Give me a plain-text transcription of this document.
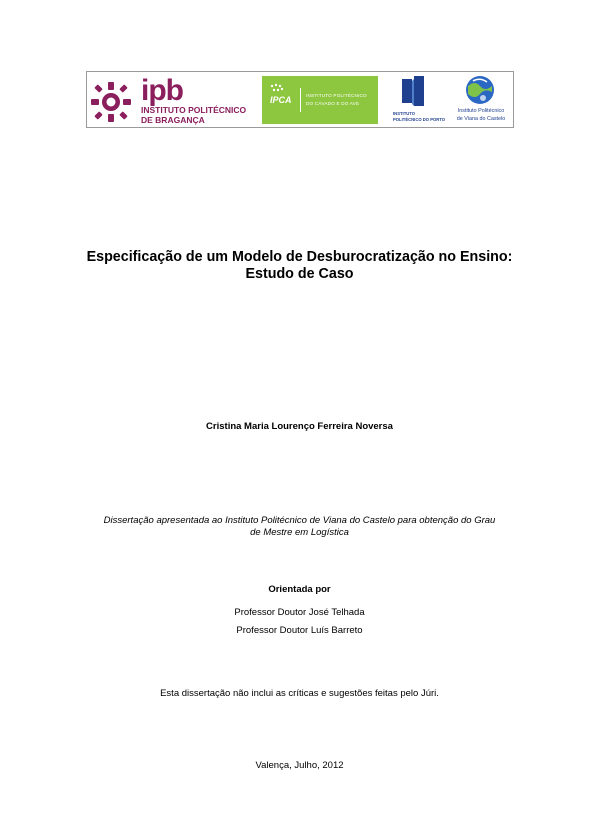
ipb
INSTITUTO POLITÉCNICO
DE BRAGANÇA
IPCA	INSTITUTO POLITÉCNICO
DO CÁVADO E DO AVE
INSTITUTO
POLITÉCNICO DO PORTO
Instituto Politécnico
de Viana do Castelo
Especificação de um Modelo de Desburocratização no Ensino:
Estudo de Caso
Cristina Maria Lourenço Ferreira Noversa
Dissertação apresentada ao Instituto Politécnico de Viana do Castelo para obtenção do Grau
de Mestre em Logística
Orientada por
Professor Doutor José Telhada
Professor Doutor Luís Barreto
Esta dissertação não inclui as críticas e sugestões feitas pelo Júri.
Valença, Julho, 2012
